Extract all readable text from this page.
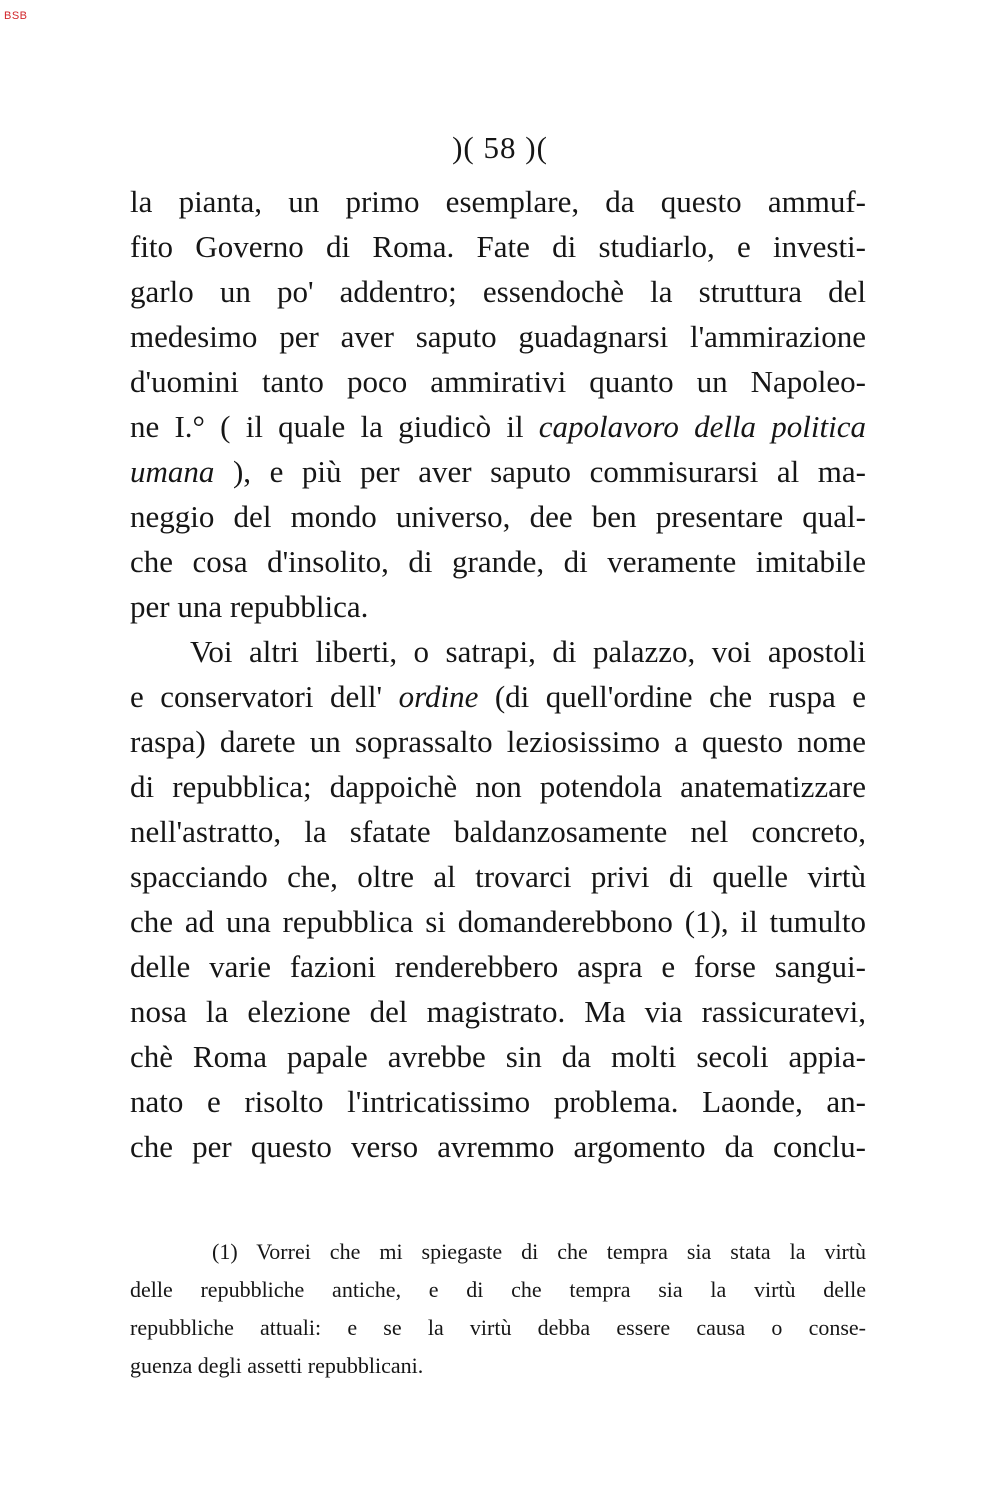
BSB
)( 58 )(
la pianta, un primo esemplare, da questo ammuf-
fito Governo di Roma. Fate di studiarlo, e investi-
garlo un po' addentro; essendochè la struttura del
medesimo per aver saputo guadagnarsi l'ammirazione
d'uomini tanto poco ammirativi quanto un Napoleo-
ne I.° ( il quale la giudicò il capolavoro della politica
umana ), e più per aver saputo commisurarsi al ma-
neggio del mondo universo, dee ben presentare qual-
che cosa d'insolito, di grande, di veramente imitabile
per una repubblica.
Voi altri liberti, o satrapi, di palazzo, voi apostoli
e conservatori dell' ordine (di quell'ordine che ruspa e
raspa) darete un soprassalto leziosissimo a questo nome
di repubblica; dappoichè non potendola anatematizzare
nell'astratto, la sfatate baldanzosamente nel concreto,
spacciando che, oltre al trovarci privi di quelle virtù
che ad una repubblica si domanderebbono (1), il tumulto
delle varie fazioni renderebbero aspra e forse sangui-
nosa la elezione del magistrato. Ma via rassicuratevi,
chè Roma papale avrebbe sin da molti secoli appia-
nato e risolto l'intricatissimo problema. Laonde, an-
che per questo verso avremmo argomento da conclu-
(1) Vorrei che mi spiegaste di che tempra sia stata la virtù
delle repubbliche antiche, e di che tempra sia la virtù delle
repubbliche attuali: e se la virtù debba essere causa o conse-
guenza degli assetti repubblicani.
